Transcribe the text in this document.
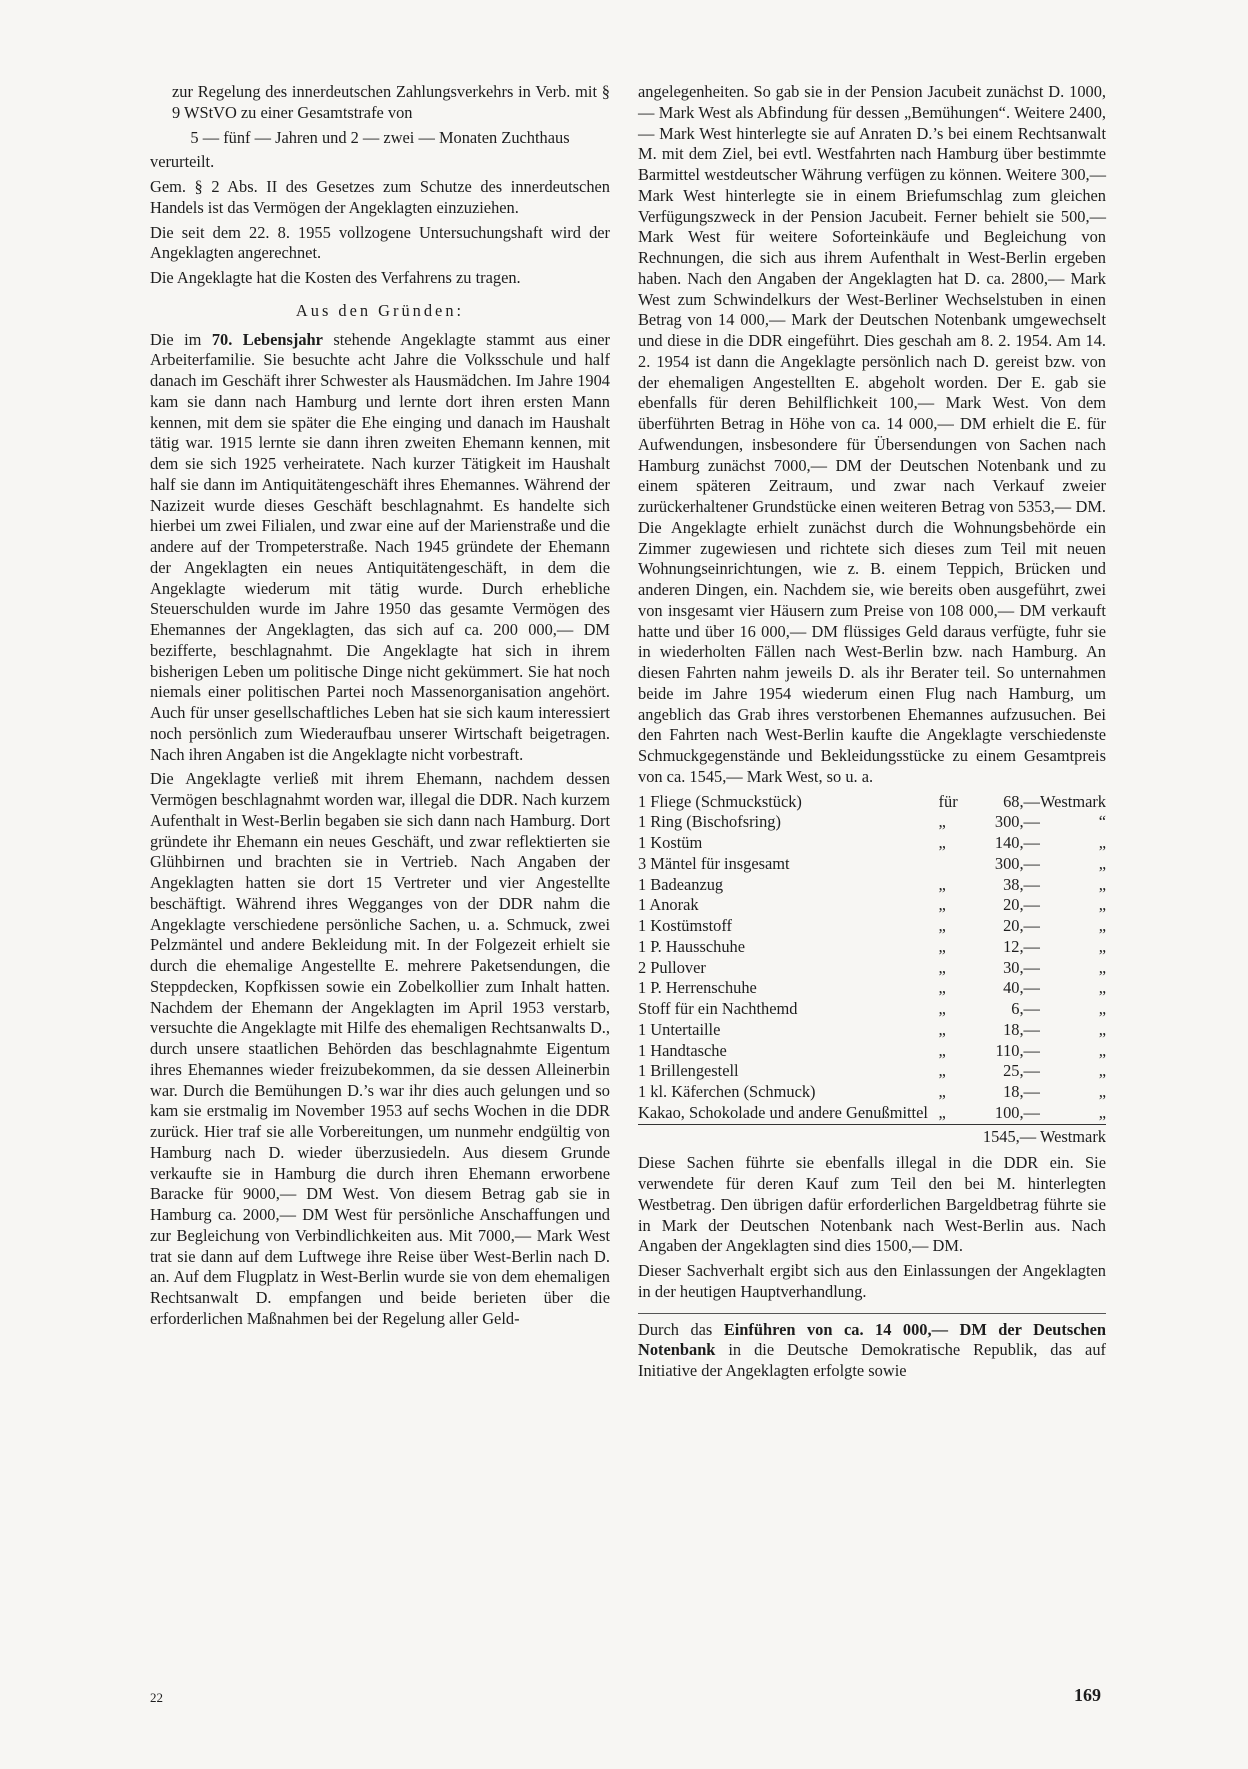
zur Regelung des innerdeutschen Zahlungsverkehrs in Verb. mit § 9 WStVO zu einer Gesamtstrafe von

5 — fünf — Jahren und 2 — zwei — Monaten Zuchthaus

verurteilt.

Gem. § 2 Abs. II des Gesetzes zum Schutze des innerdeutschen Handels ist das Vermögen der Angeklagten einzuziehen.

Die seit dem 22. 8. 1955 vollzogene Untersuchungshaft wird der Angeklagten angerechnet.

Die Angeklagte hat die Kosten des Verfahrens zu tragen.

Aus den Gründen:

Die im 70. Lebensjahr stehende Angeklagte stammt aus einer Arbeiterfamilie. Sie besuchte acht Jahre die Volksschule und half danach im Geschäft ihrer Schwester als Hausmädchen. Im Jahre 1904 kam sie dann nach Hamburg und lernte dort ihren ersten Mann kennen, mit dem sie später die Ehe einging und danach im Haushalt tätig war. 1915 lernte sie dann ihren zweiten Ehemann kennen, mit dem sie sich 1925 verheiratete. Nach kurzer Tätigkeit im Haushalt half sie dann im Antiquitätengeschäft ihres Ehemannes. Während der Nazizeit wurde dieses Geschäft beschlagnahmt. Es handelte sich hierbei um zwei Filialen, und zwar eine auf der Marienstraße und die andere auf der Trompeterstraße. Nach 1945 gründete der Ehemann der Angeklagten ein neues Antiquitätengeschäft, in dem die Angeklagte wiederum mit tätig wurde. Durch erhebliche Steuerschulden wurde im Jahre 1950 das gesamte Vermögen des Ehemannes der Angeklagten, das sich auf ca. 200 000,— DM bezifferte, beschlagnahmt. Die Angeklagte hat sich in ihrem bisherigen Leben um politische Dinge nicht gekümmert. Sie hat noch niemals einer politischen Partei noch Massenorganisation angehört. Auch für unser gesellschaftliches Leben hat sie sich kaum interessiert noch persönlich zum Wiederaufbau unserer Wirtschaft beigetragen. Nach ihren Angaben ist die Angeklagte nicht vorbestraft.

Die Angeklagte verließ mit ihrem Ehemann, nachdem dessen Vermögen beschlagnahmt worden war, illegal die DDR. Nach kurzem Aufenthalt in West-Berlin begaben sie sich dann nach Hamburg. Dort gründete ihr Ehemann ein neues Geschäft, und zwar reflektierten sie Glühbirnen und brachten sie in Vertrieb. Nach Angaben der Angeklagten hatten sie dort 15 Vertreter und vier Angestellte beschäftigt. Während ihres Wegganges von der DDR nahm die Angeklagte verschiedene persönliche Sachen, u. a. Schmuck, zwei Pelzmäntel und andere Bekleidung mit. In der Folgezeit erhielt sie durch die ehemalige Angestellte E. mehrere Paketsendungen, die Steppdecken, Kopfkissen sowie ein Zobelkollier zum Inhalt hatten. Nachdem der Ehemann der Angeklagten im April 1953 verstarb, versuchte die Angeklagte mit Hilfe des ehemaligen Rechtsanwalts D., durch unsere staatlichen Behörden das beschlagnahmte Eigentum ihres Ehemannes wieder freizubekommen, da sie dessen Alleinerbin war. Durch die Bemühungen D.’s war ihr dies auch gelungen und so kam sie erstmalig im November 1953 auf sechs Wochen in die DDR zurück. Hier traf sie alle Vorbereitungen, um nunmehr endgültig von Hamburg nach D. wieder überzusiedeln. Aus diesem Grunde verkaufte sie in Hamburg die durch ihren Ehemann erworbene Baracke für 9000,— DM West. Von diesem Betrag gab sie in Hamburg ca. 2000,— DM West für persönliche Anschaffungen und zur Begleichung von Verbindlichkeiten aus. Mit 7000,— Mark West trat sie dann auf dem Luftwege ihre Reise über West-Berlin nach D. an. Auf dem Flugplatz in West-Berlin wurde sie von dem ehemaligen Rechtsanwalt D. empfangen und beide berieten über die erforderlichen Maßnahmen bei der Regelung aller Geld-

angelegenheiten. So gab sie in der Pension Jacubeit zunächst D. 1000,— Mark West als Abfindung für dessen „Bemühungen“. Weitere 2400,— Mark West hinterlegte sie auf Anraten D.’s bei einem Rechtsanwalt M. mit dem Ziel, bei evtl. Westfahrten nach Hamburg über bestimmte Barmittel westdeutscher Währung verfügen zu können. Weitere 300,— Mark West hinterlegte sie in einem Briefumschlag zum gleichen Verfügungszweck in der Pension Jacubeit. Ferner behielt sie 500,— Mark West für weitere Soforteinkäufe und Begleichung von Rechnungen, die sich aus ihrem Aufenthalt in West-Berlin ergeben haben. Nach den Angaben der Angeklagten hat D. ca. 2800,— Mark West zum Schwindelkurs der West-Berliner Wechselstuben in einen Betrag von 14 000,— Mark der Deutschen Notenbank umgewechselt und diese in die DDR eingeführt. Dies geschah am 8. 2. 1954. Am 14. 2. 1954 ist dann die Angeklagte persönlich nach D. gereist bzw. von der ehemaligen Angestellten E. abgeholt worden. Der E. gab sie ebenfalls für deren Behilflichkeit 100,— Mark West. Von dem überführten Betrag in Höhe von ca. 14 000,— DM erhielt die E. für Aufwendungen, insbesondere für Übersendungen von Sachen nach Hamburg zunächst 7000,— DM der Deutschen Notenbank und zu einem späteren Zeitraum, und zwar nach Verkauf zweier zurückerhaltener Grundstücke einen weiteren Betrag von 5353,— DM. Die Angeklagte erhielt zunächst durch die Wohnungsbehörde ein Zimmer zugewiesen und richtete sich dieses zum Teil mit neuen Wohnungseinrichtungen, wie z. B. einem Teppich, Brücken und anderen Dingen, ein. Nachdem sie, wie bereits oben ausgeführt, zwei von insgesamt vier Häusern zum Preise von 108 000,— DM verkauft hatte und über 16 000,— DM flüssiges Geld daraus verfügte, fuhr sie in wiederholten Fällen nach West-Berlin bzw. nach Hamburg. An diesen Fahrten nahm jeweils D. als ihr Berater teil. So unternahmen beide im Jahre 1954 wiederum einen Flug nach Hamburg, um angeblich das Grab ihres verstorbenen Ehemannes aufzusuchen. Bei den Fahrten nach West-Berlin kaufte die Angeklagte verschiedenste Schmuckgegenstände und Bekleidungsstücke zu einem Gesamtpreis von ca. 1545,— Mark West, so u. a.

1 Fliege (Schmuckstück)	für	68,—	Westmark
1 Ring (Bischofsring)	„	300,—	“
1 Kostüm	„	140,—	„
3 Mäntel für insgesamt		300,—	„
1 Badeanzug	„	38,—	„
1 Anorak	„	20,—	„
1 Kostümstoff	„	20,—	„
1 P. Hausschuhe	„	12,—	„
2 Pullover	„	30,—	„
1 P. Herrenschuhe	„	40,—	„
Stoff für ein Nachthemd	„	6,—	„
1 Untertaille	„	18,—	„
1 Handtasche	„	110,—	„
1 Brillengestell	„	25,—	„
1 kl. Käferchen (Schmuck)	„	18,—	„
Kakao, Schokolade und andere Genußmittel	„	100,—	„
		1545,— Westmark	

Diese Sachen führte sie ebenfalls illegal in die DDR ein. Sie verwendete für deren Kauf zum Teil den bei M. hinterlegten Westbetrag. Den übrigen dafür erforderlichen Bargeldbetrag führte sie in Mark der Deutschen Notenbank nach West-Berlin aus. Nach Angaben der Angeklagten sind dies 1500,— DM.

Dieser Sachverhalt ergibt sich aus den Einlassungen der Angeklagten in der heutigen Hauptverhandlung.

Durch das Einführen von ca. 14 000,— DM der Deutschen Notenbank in die Deutsche Demokratische Republik, das auf Initiative der Angeklagten erfolgte sowie

22	169
